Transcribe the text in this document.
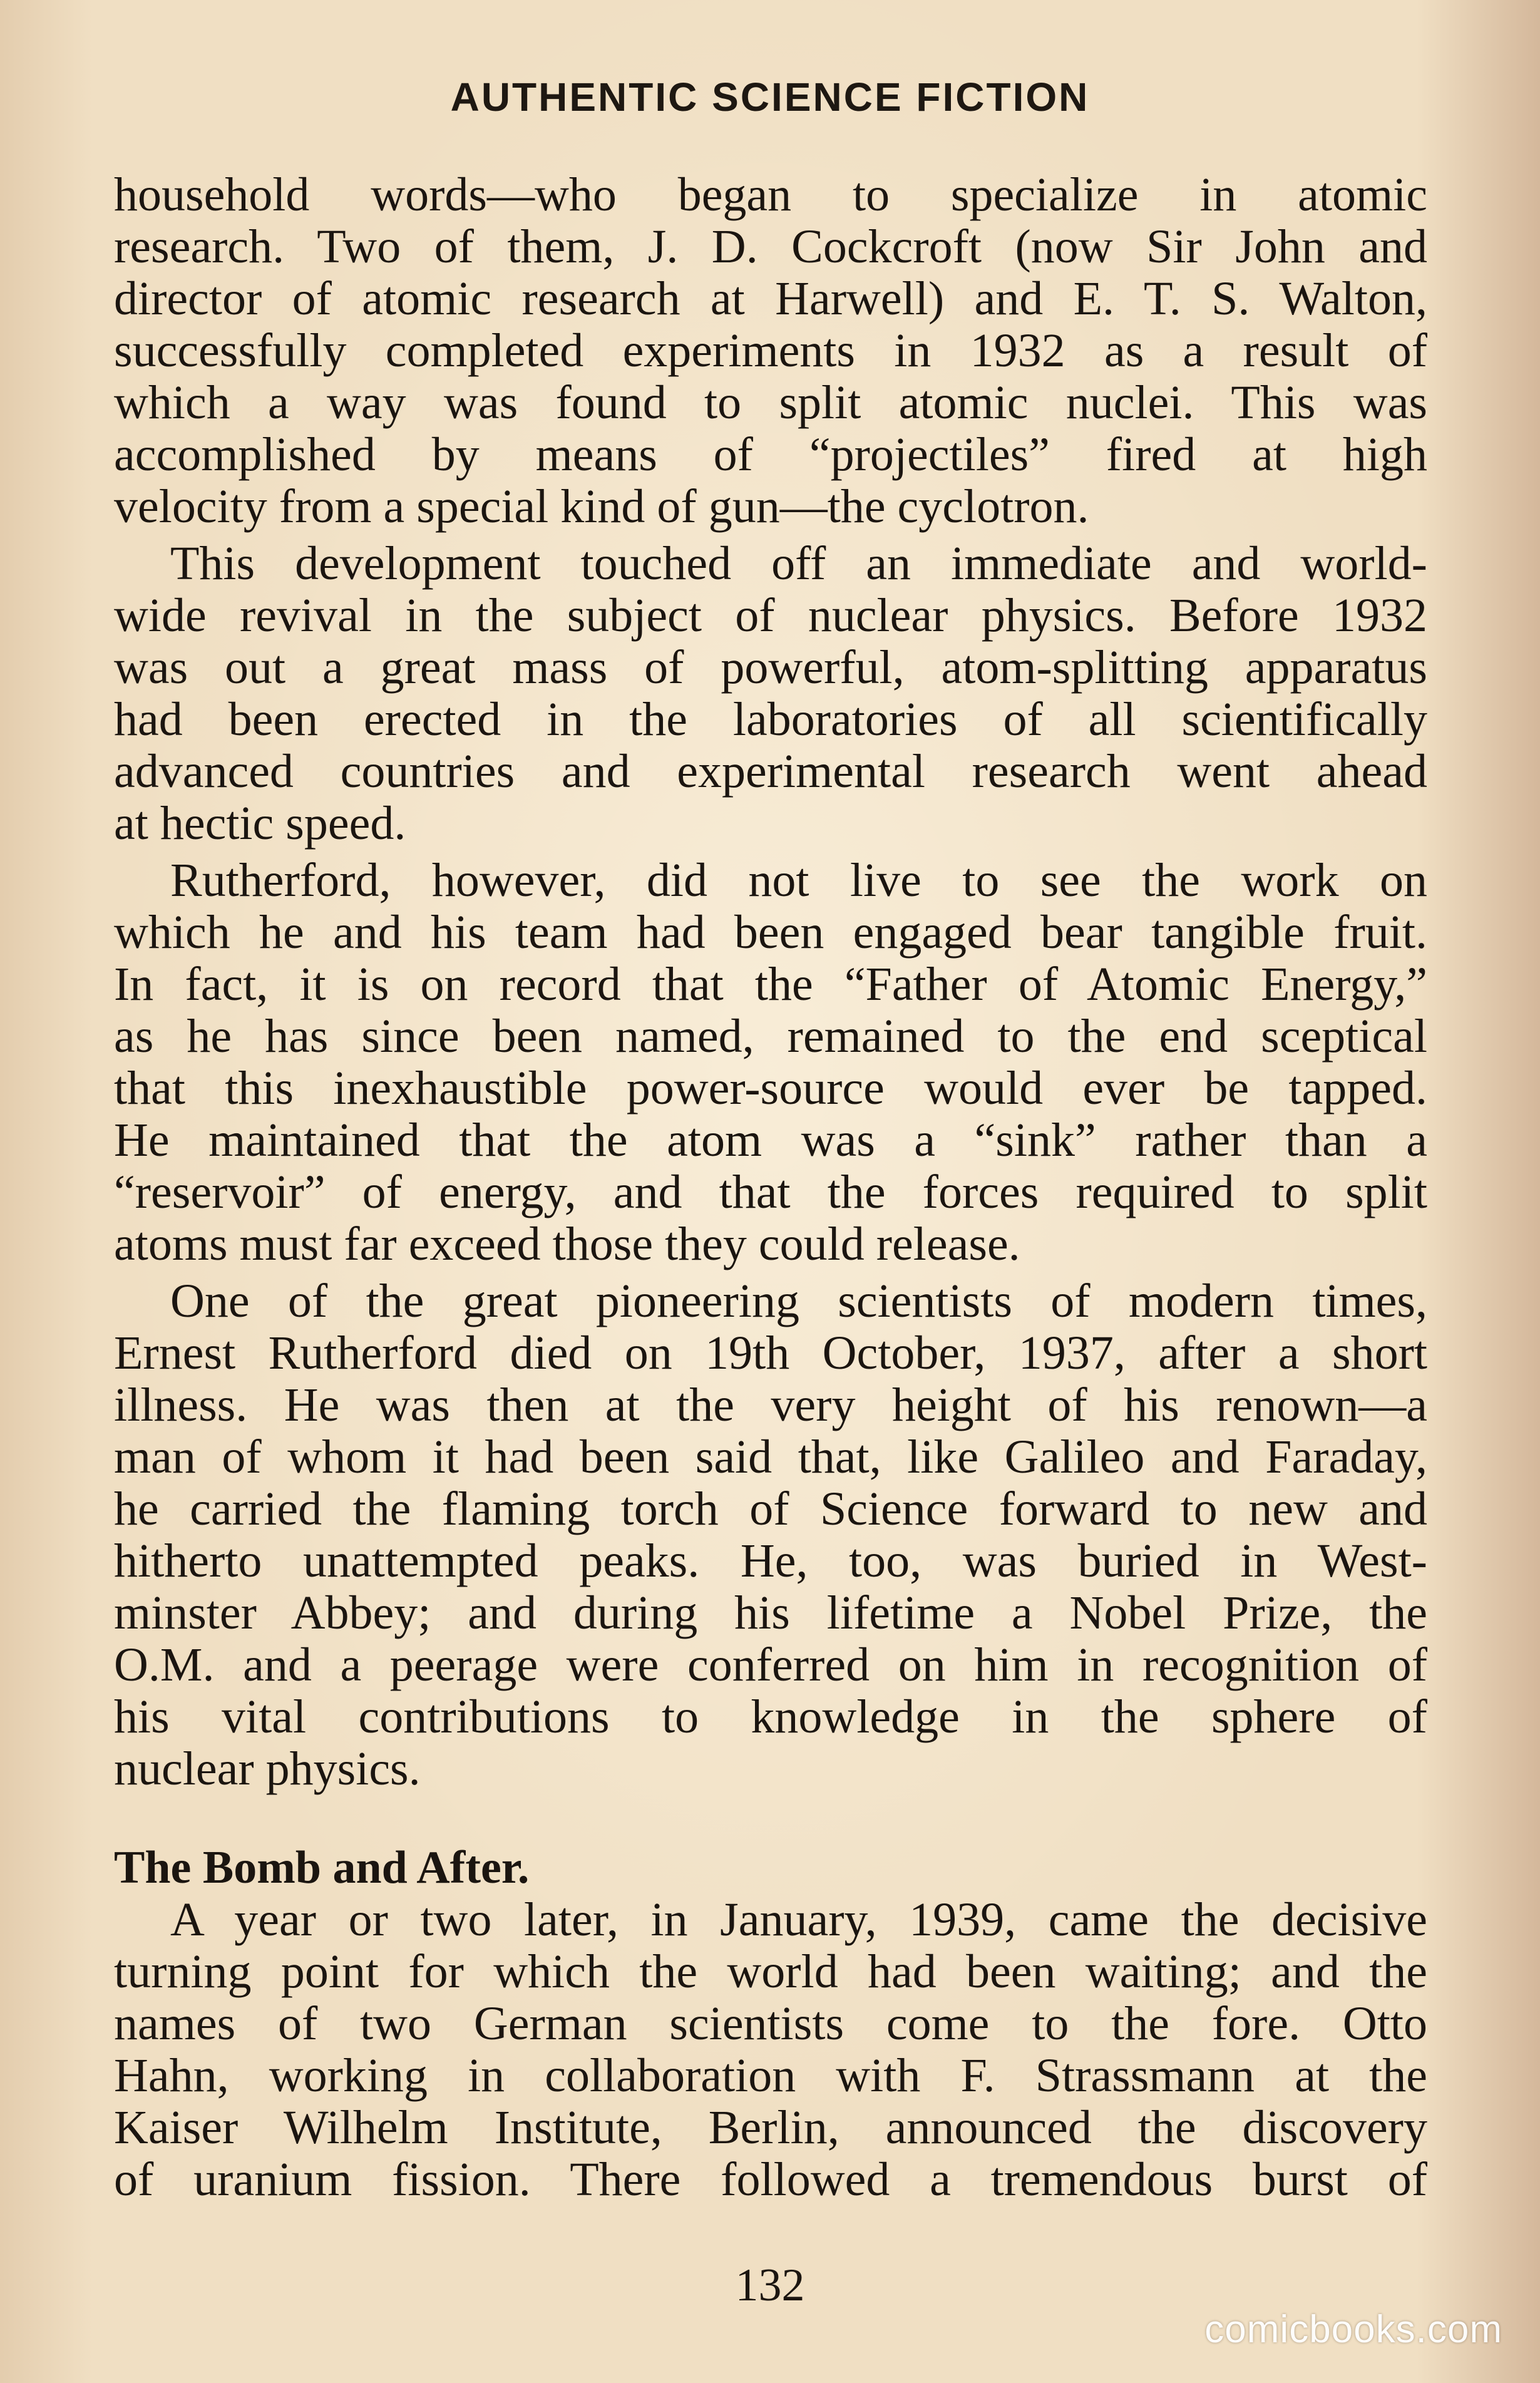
AUTHENTIC SCIENCE FICTION
household words—who began to specialize in atomic
research. Two of them, J. D. Cockcroft (now Sir John and
director of atomic research at Harwell) and E. T. S. Walton,
successfully completed experiments in 1932 as a result of
which a way was found to split atomic nuclei. This was
accomplished by means of “projectiles” fired at high
velocity from a special kind of gun—the cyclotron.
This development touched off an immediate and world-
wide revival in the subject of nuclear physics. Before 1932
was out a great mass of powerful, atom-splitting apparatus
had been erected in the laboratories of all scientifically
advanced countries and experimental research went ahead
at hectic speed.
Rutherford, however, did not live to see the work on
which he and his team had been engaged bear tangible fruit.
In fact, it is on record that the “Father of Atomic Energy,”
as he has since been named, remained to the end sceptical
that this inexhaustible power-source would ever be tapped.
He maintained that the atom was a “sink” rather than a
“reservoir” of energy, and that the forces required to split
atoms must far exceed those they could release.
One of the great pioneering scientists of modern times,
Ernest Rutherford died on 19th October, 1937, after a short
illness. He was then at the very height of his renown—a
man of whom it had been said that, like Galileo and Faraday,
he carried the flaming torch of Science forward to new and
hitherto unattempted peaks. He, too, was buried in West-
minster Abbey; and during his lifetime a Nobel Prize, the
O.M. and a peerage were conferred on him in recognition of
his vital contributions to knowledge in the sphere of
nuclear physics.
The Bomb and After.
A year or two later, in January, 1939, came the decisive
turning point for which the world had been waiting; and the
names of two German scientists come to the fore. Otto
Hahn, working in collaboration with F. Strassmann at the
Kaiser Wilhelm Institute, Berlin, announced the discovery
of uranium fission. There followed a tremendous burst of
132
comicbooks.com
